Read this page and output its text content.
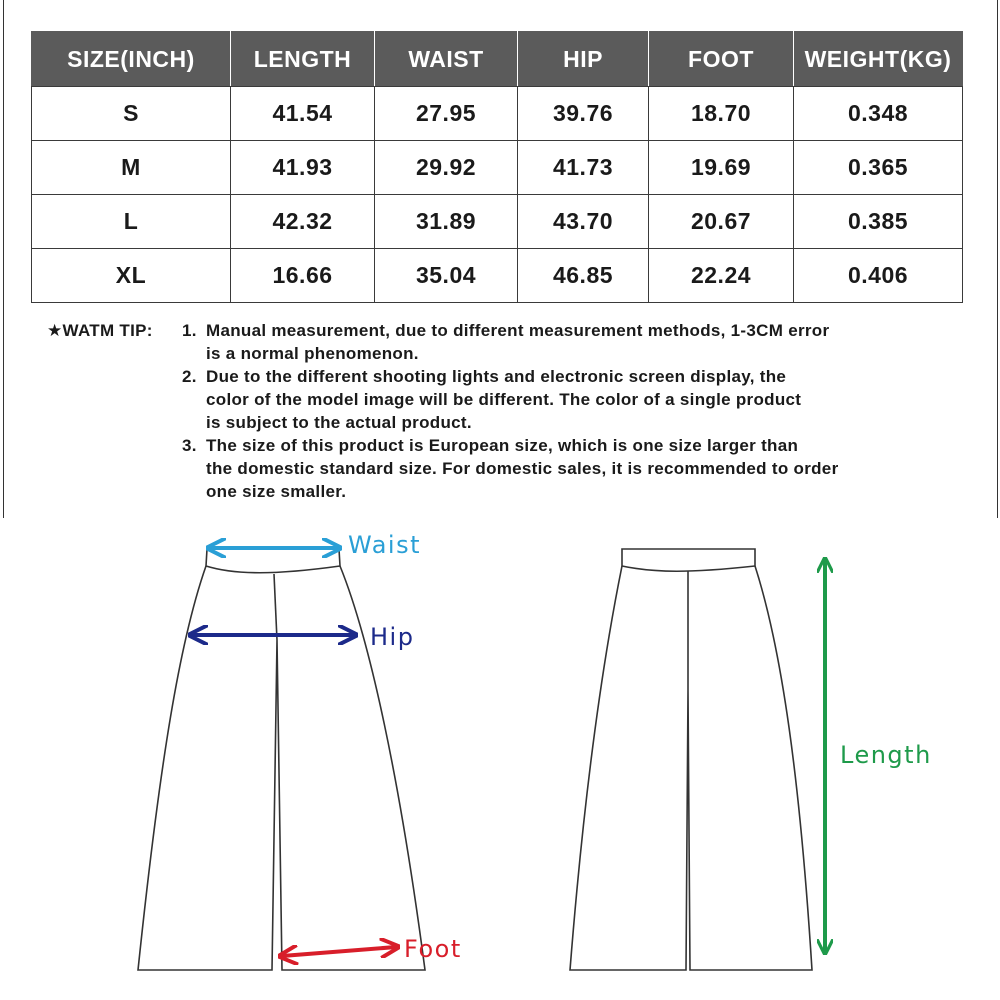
SIZE(INCH)	LENGTH	WAIST	HIP	FOOT	WEIGHT(KG)
S	41.54	27.95	39.76	18.70	0.348
M	41.93	29.92	41.73	19.69	0.365
L	42.32	31.89	43.70	20.67	0.385
XL	16.66	35.04	46.85	22.24	0.406
★WATM TIP: 1. Manual measurement, due to different measurement methods, 1-3CM error
is a normal phenomenon.
2. Due to the different shooting lights and electronic screen display, the
color of the model image will be different. The color of a single product
is subject to the actual product.
3. The size of this product is European size, which is one size larger than
the domestic standard size. For domestic sales, it is recommended to order
one size smaller.
Waist
Hip
Foot
Length
